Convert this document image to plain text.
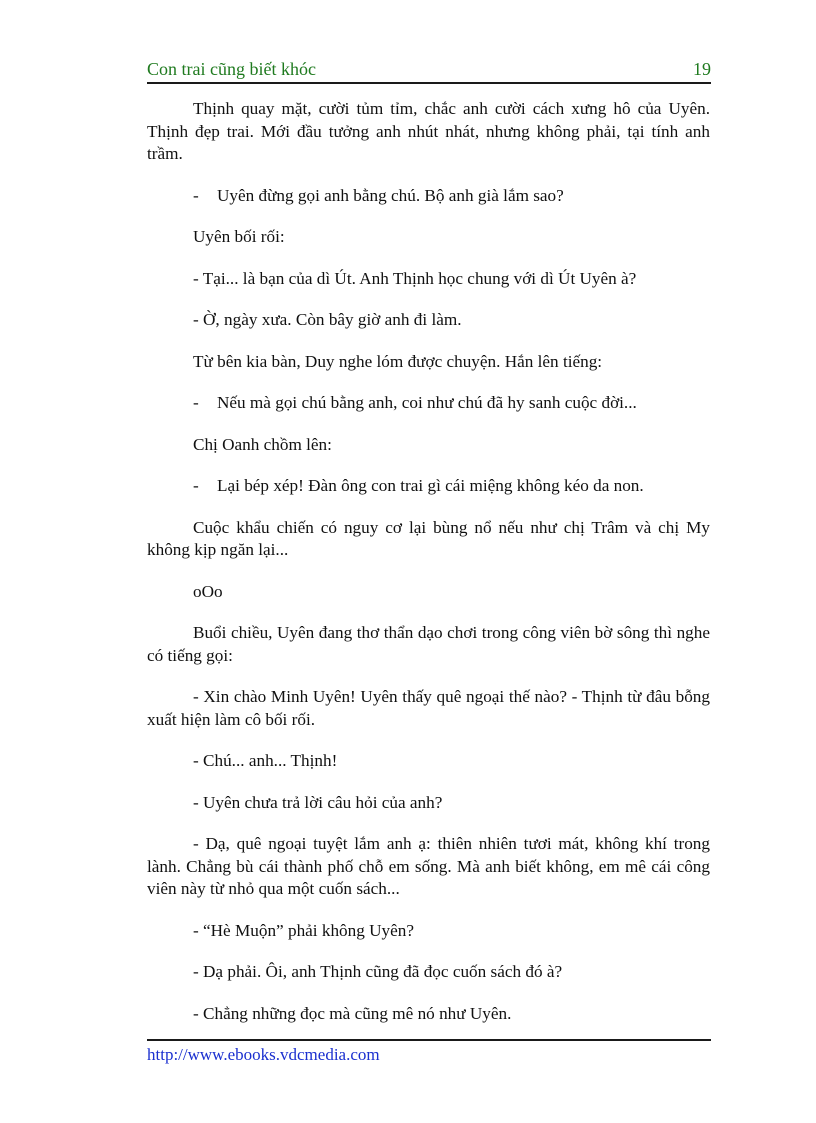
Con trai cũng biết khóc	19

Thịnh quay mặt, cười tủm tỉm, chắc anh cười cách xưng hô của Uyên. Thịnh đẹp trai. Mới đầu tưởng anh nhút nhát, nhưng không phải, tại tính anh trầm.

-	Uyên đừng gọi anh bằng chú. Bộ anh già lắm sao?

Uyên bối rối:

- Tại... là bạn của dì Út. Anh Thịnh học chung với dì Út Uyên à?

- Ờ, ngày xưa. Còn bây giờ anh đi làm.

Từ bên kia bàn, Duy nghe lóm được chuyện. Hắn lên tiếng:

-	Nếu mà gọi chú bằng anh, coi như chú đã hy sanh cuộc đời...

Chị Oanh chồm lên:

-	Lại bép xép! Đàn ông con trai gì cái miệng không kéo da non.

Cuộc khẩu chiến có nguy cơ lại bùng nổ nếu như chị Trâm và chị My không kịp ngăn lại...

oOo

Buổi chiều, Uyên đang thơ thẩn dạo chơi trong công viên bờ sông thì nghe có tiếng gọi:

- Xin chào Minh Uyên! Uyên thấy quê ngoại thế nào? - Thịnh từ đâu bỗng xuất hiện làm cô bối rối.

- Chú... anh... Thịnh!

- Uyên chưa trả lời câu hỏi của anh?

- Dạ, quê ngoại tuyệt lắm anh ạ: thiên nhiên tươi mát, không khí trong lành. Chẳng bù cái thành phố chỗ em sống. Mà anh biết không, em mê cái công viên này từ nhỏ qua một cuốn sách...

- “Hè Muộn” phải không Uyên?

- Dạ phải. Ôi, anh Thịnh cũng đã đọc cuốn sách đó à?

- Chẳng những đọc mà cũng mê nó như Uyên.

http://www.ebooks.vdcmedia.com
